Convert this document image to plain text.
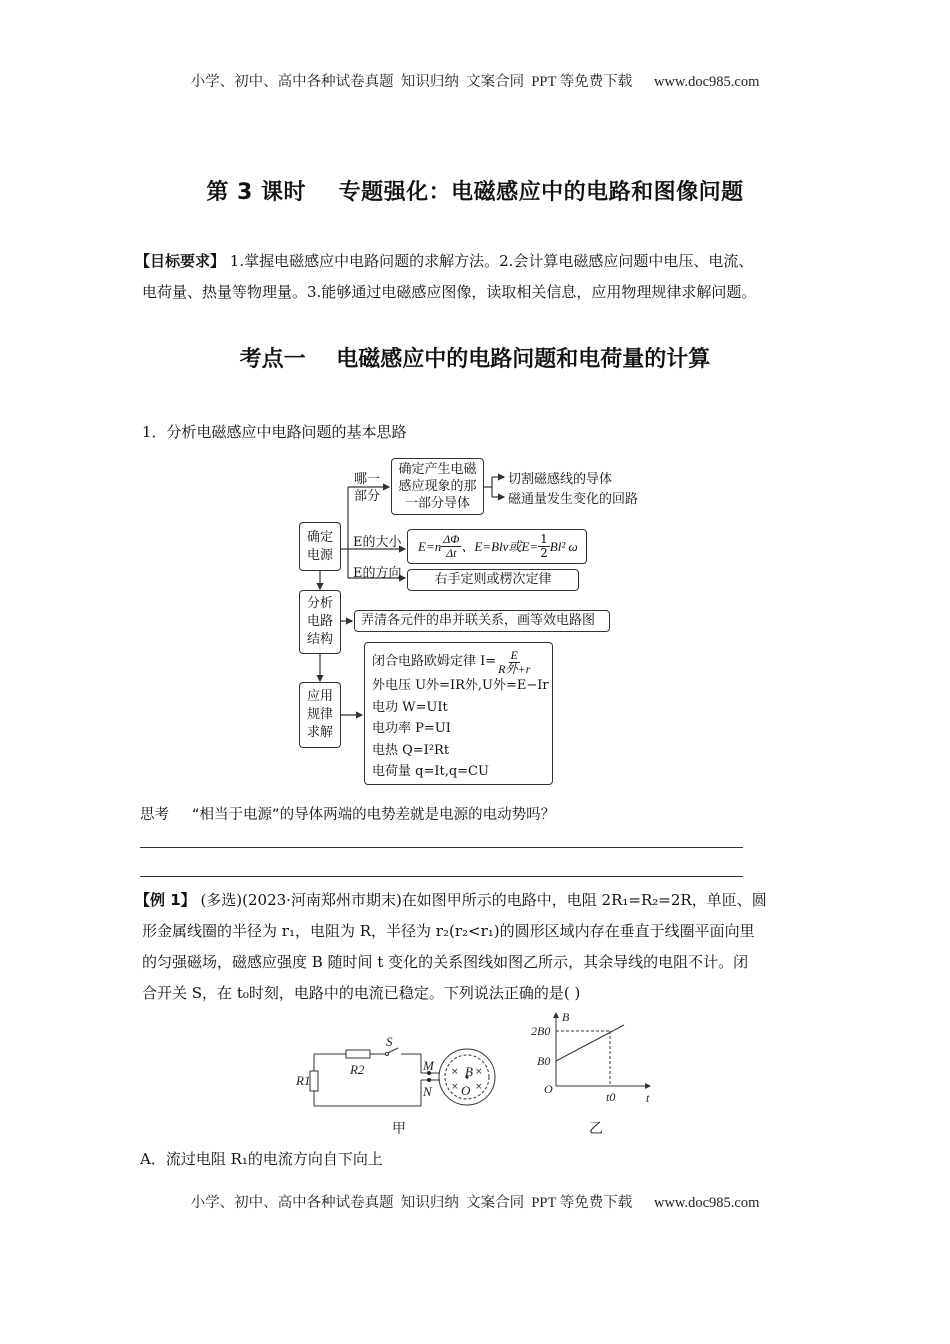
小学、初中、高中各种试卷真题  知识归纳  文案合同  PPT 等免费下载      www.doc985.com
第 3 课时    专题强化：电磁感应中的电路和图像问题
【目标要求】 1.掌握电磁感应中电路问题的求解方法。2.会计算电磁感应问题中电压、电流、
电荷量、热量等物理量。3.能够通过电磁感应图像，读取相关信息，应用物理规律求解问题。
考点一    电磁感应中的电路问题和电荷量的计算
1．分析电磁感应中电路问题的基本思路
确定
电源
分析
电路
结构
应用
规律
求解
哪一
部分
E的大小
E的方向
确定产生电磁
感应现象的那
一部分导体
切割磁感线的导体
磁通量发生变化的回路
$E=n \frac{\Delta\Phi}{\Delta t}$ 、E=Blv或$E= \frac{1}{2} Bl^2$ ω
右手定则或楞次定律
弄清各元件的串并联关系，画等效电路图
闭合电路欧姆定律 $I= \frac{E}{\text{R外+r}}$
外电压 U外=IR外,U外=E−Ir
电功 W=UIt
电功率 P=UI
电热 Q=I²Rt
电荷量 q=It,q=CU
思考 “相当于电源”的导体两端的电势差就是电源的电动势吗？
【例 1】 (多选)(2023·河南郑州市期末)在如图甲所示的电路中，电阻 2R₁=R₂=2R，单匝、圆
形金属线圈的半径为 r₁，电阻为 R，半径为 r₂(r₂<r₁)的圆形区域内存在垂直于线圈平面向里
的匀强磁场，磁感应强度 B 随时间 t 变化的关系图线如图乙所示，其余导线的电阻不计。闭
合开关 S，在 t₀时刻，电路中的电流已稳定。下列说法正确的是( )
S
R2
R1
M
N
B
O
× ×
× ×
甲
B
2B0
B0
O
t0	t
乙
A．流过电阻 R₁的电流方向自下向上
小学、初中、高中各种试卷真题  知识归纳  文案合同  PPT 等免费下载      www.doc985.com
